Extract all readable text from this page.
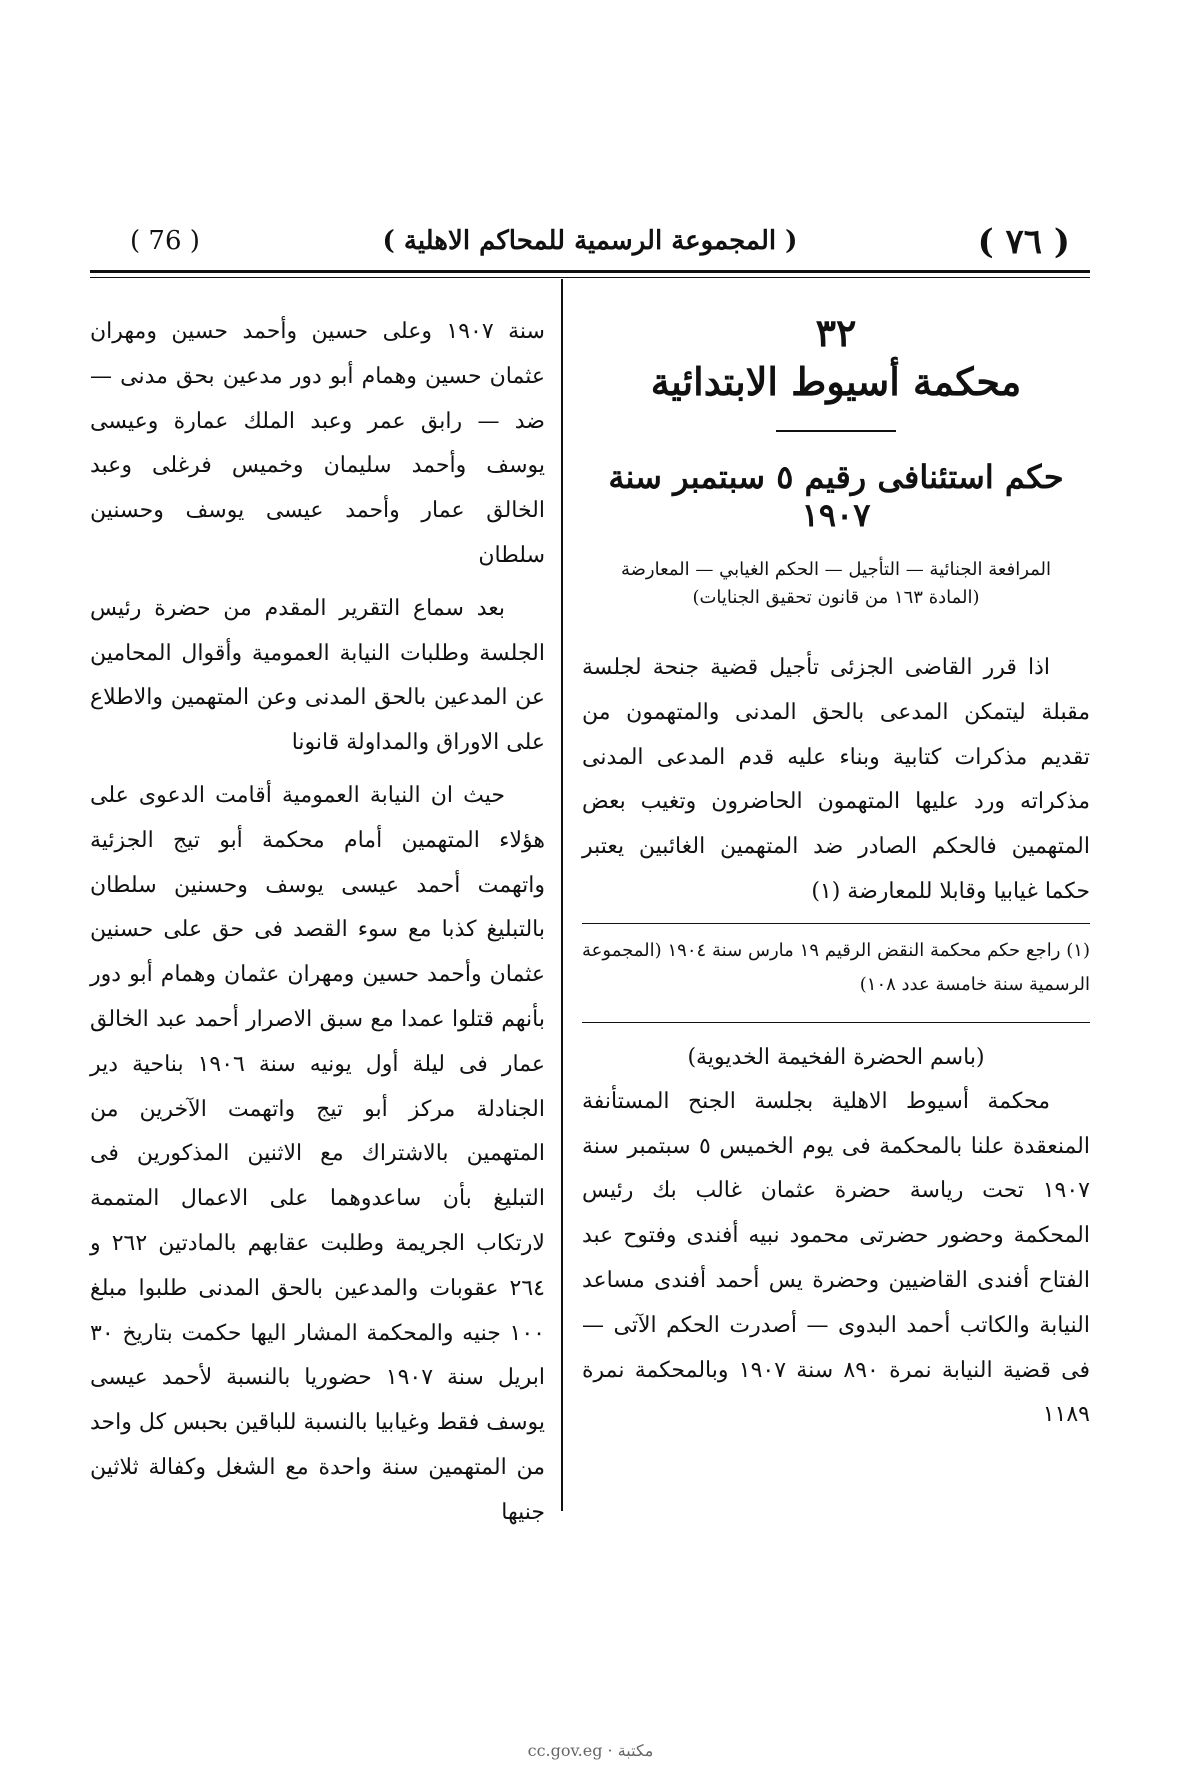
( 76 )	( المجموعة الرسمية للمحاكم الاهلية )	( ٧٦ )

٣٢

محكمة أسيوط الابتدائية

حكم استئنافى رقيم ٥ سبتمبر سنة ١٩٠٧

المرافعة الجنائية — التأجيل — الحكم الغيابي — المعارضة

(المادة ١٦٣ من قانون تحقيق الجنايات)

اذا قرر القاضى الجزئى تأجيل قضية جنحة لجلسة مقبلة ليتمكن المدعى بالحق المدنى والمتهمون من تقديم مذكرات كتابية وبناء عليه قدم المدعى المدنى مذكراته ورد عليها المتهمون الحاضرون وتغيب بعض المتهمين فالحكم الصادر ضد المتهمين الغائبين يعتبر حكما غيابيا وقابلا للمعارضة (١)

(١) راجع حكم محكمة النقض الرقيم ١٩ مارس سنة ١٩٠٤ (المجموعة الرسمية سنة خامسة عدد ١٠٨)

(باسم الحضرة الفخيمة الخديوية)

محكمة أسيوط الاهلية بجلسة الجنح المستأنفة المنعقدة علنا بالمحكمة فى يوم الخميس ٥ سبتمبر سنة ١٩٠٧ تحت رياسة حضرة عثمان غالب بك رئيس المحكمة وحضور حضرتى محمود نبيه أفندى وفتوح عبد الفتاح أفندى القاضيين وحضرة يس أحمد أفندى مساعد النيابة والكاتب أحمد البدوى — أصدرت الحكم الآتى — فى قضية النيابة نمرة ٨٩٠ سنة ١٩٠٧ وبالمحكمة نمرة ١١٨٩

سنة ١٩٠٧ وعلى حسين وأحمد حسين ومهران عثمان حسين وهمام أبو دور مدعين بحق مدنى — ضد — رابق عمر وعبد الملك عمارة وعيسى يوسف وأحمد سليمان وخميس فرغلى وعبد الخالق عمار وأحمد عيسى يوسف وحسنين سلطان

بعد سماع التقرير المقدم من حضرة رئيس الجلسة وطلبات النيابة العمومية وأقوال المحامين عن المدعين بالحق المدنى وعن المتهمين والاطلاع على الاوراق والمداولة قانونا

حيث ان النيابة العمومية أقامت الدعوى على هؤلاء المتهمين أمام محكمة أبو تيج الجزئية واتهمت أحمد عيسى يوسف وحسنين سلطان بالتبليغ كذبا مع سوء القصد فى حق على حسنين عثمان وأحمد حسين ومهران عثمان وهمام أبو دور بأنهم قتلوا عمدا مع سبق الاصرار أحمد عبد الخالق عمار فى ليلة أول يونيه سنة ١٩٠٦ بناحية دير الجنادلة مركز أبو تيج واتهمت الآخرين من المتهمين بالاشتراك مع الاثنين المذكورين فى التبليغ بأن ساعدوهما على الاعمال المتممة لارتكاب الجريمة وطلبت عقابهم بالمادتين ٢٦٢ و ٢٦٤ عقوبات والمدعين بالحق المدنى طلبوا مبلغ ١٠٠ جنيه والمحكمة المشار اليها حكمت بتاريخ ٣٠ ابريل سنة ١٩٠٧ حضوريا بالنسبة لأحمد عيسى يوسف فقط وغيابيا بالنسبة للباقين بحبس كل واحد من المتهمين سنة واحدة مع الشغل وكفالة ثلاثين جنيها

مكتبة · cc.gov.eg
